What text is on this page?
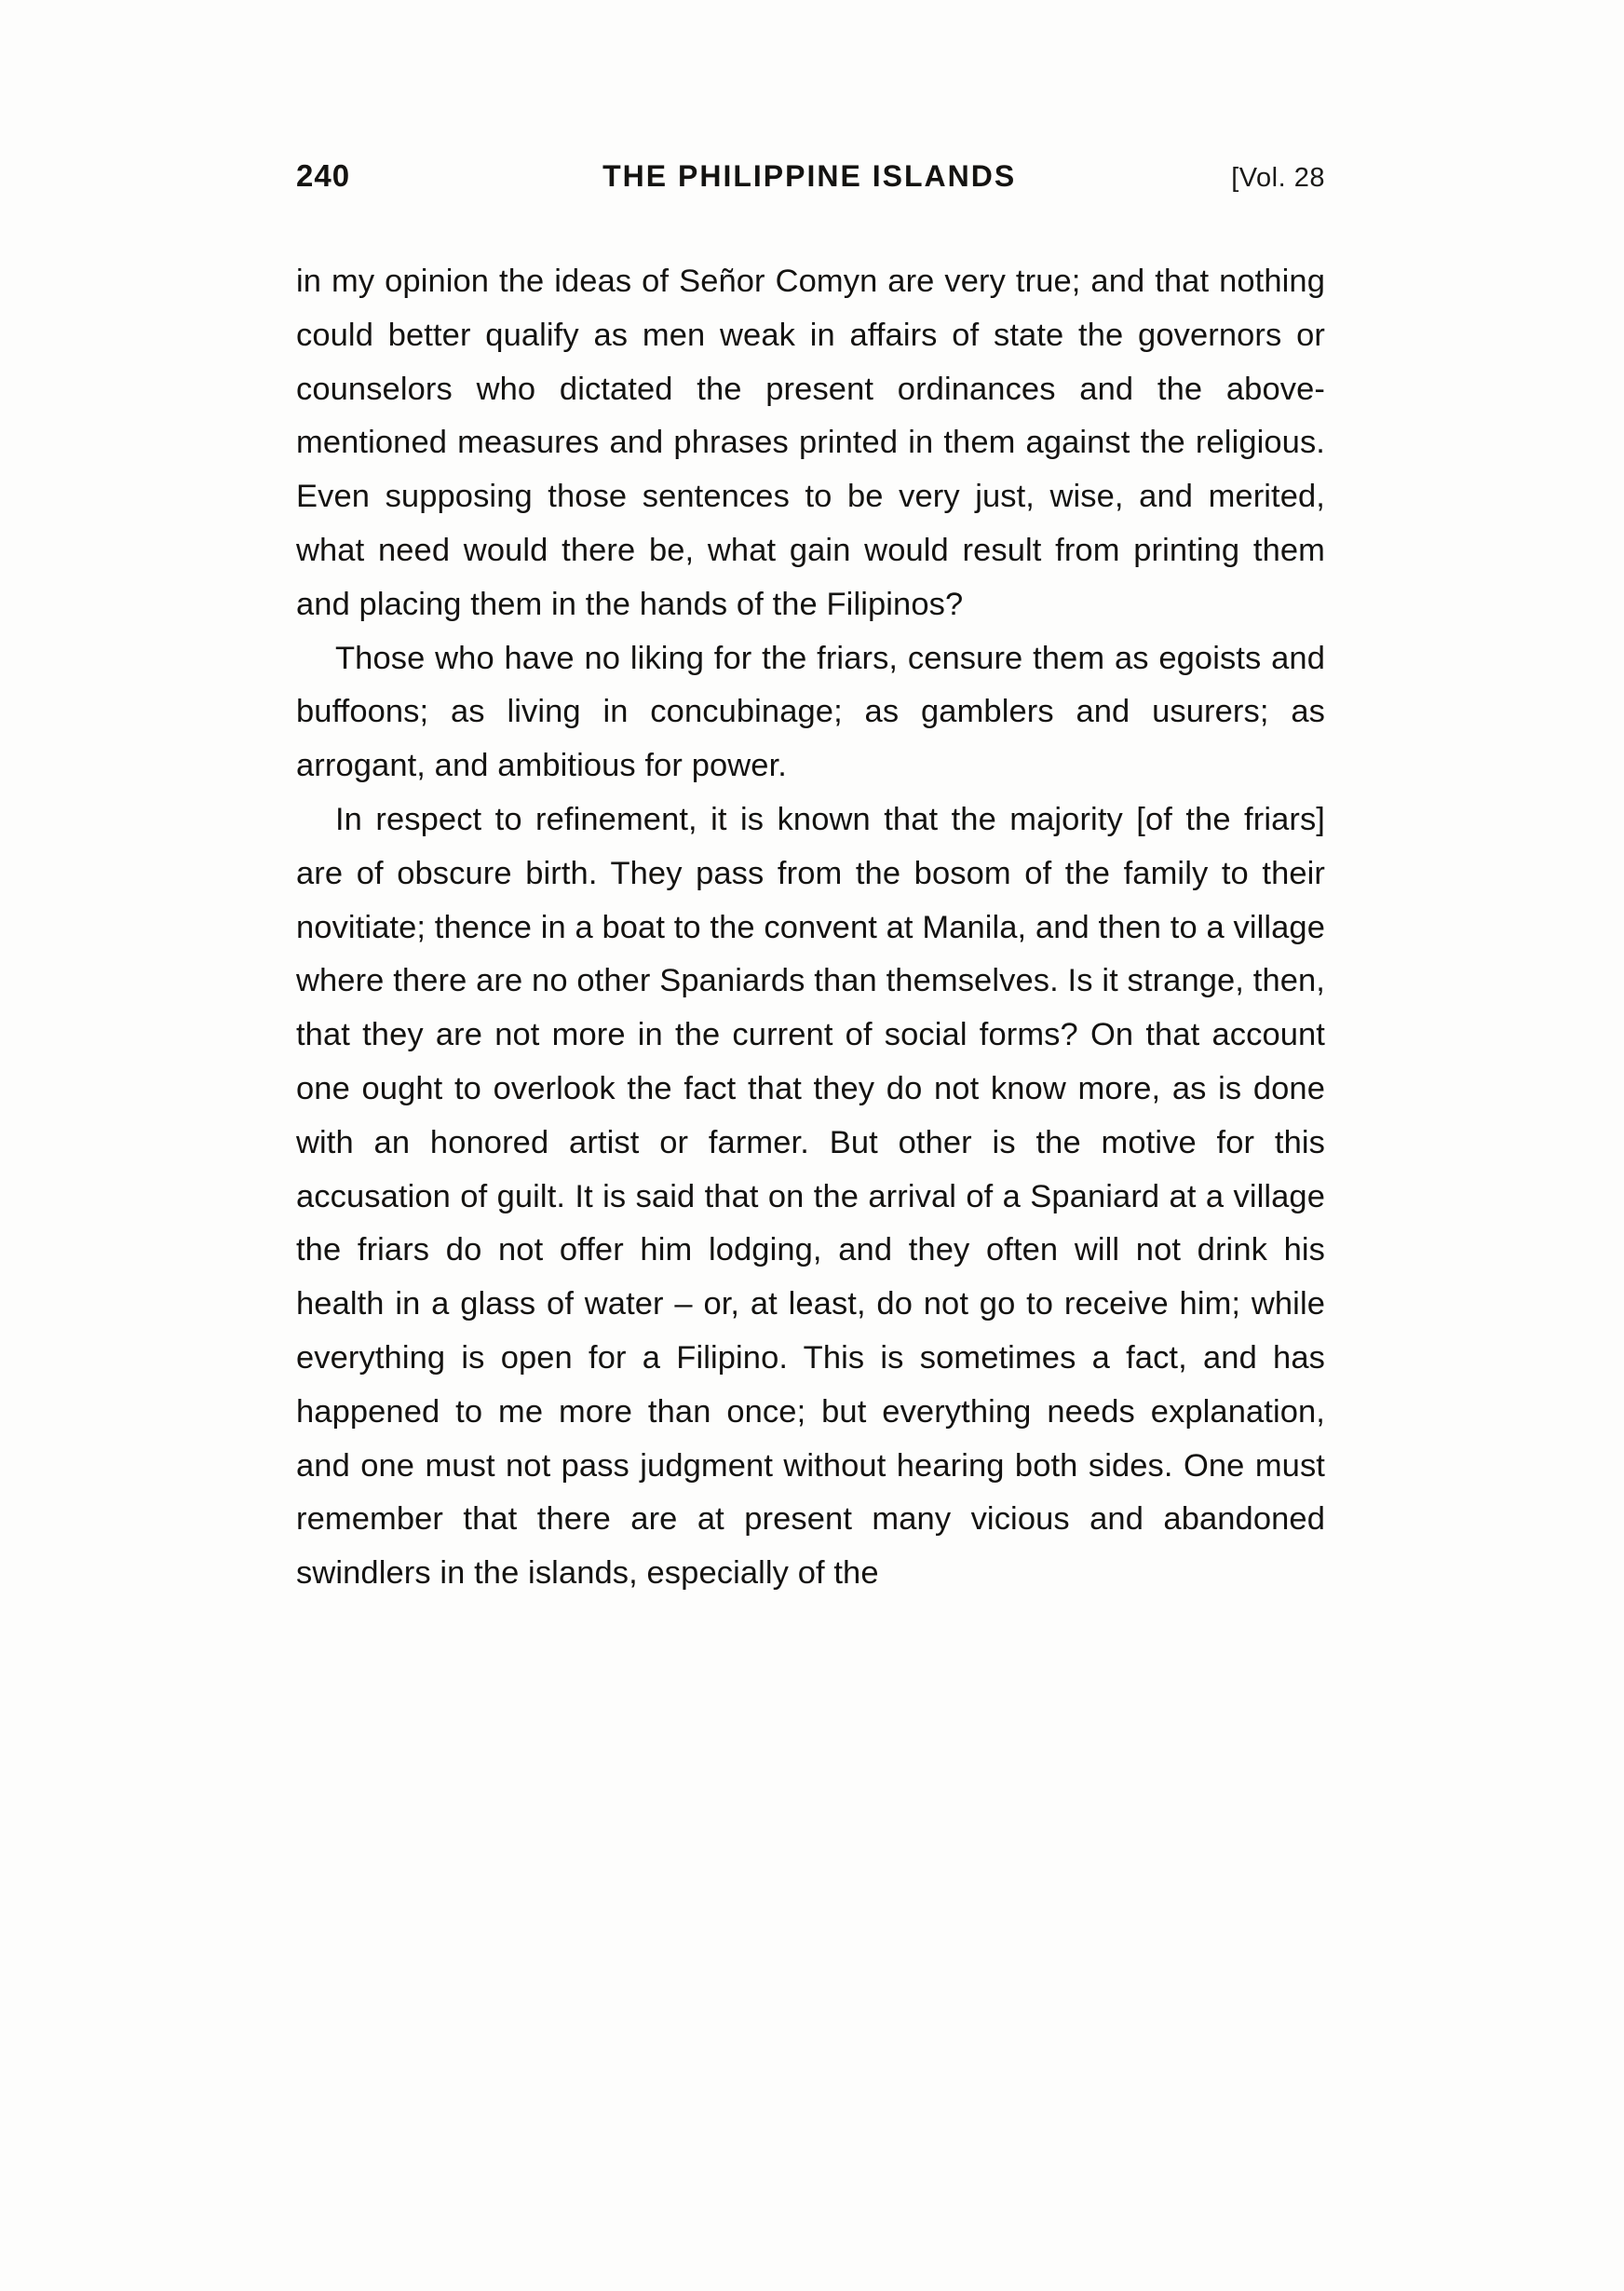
240	THE PHILIPPINE ISLANDS	[Vol. 28

in my opinion the ideas of Señor Comyn are very true; and that nothing could better qualify as men weak in affairs of state the governors or counselors who dictated the present ordinances and the above-mentioned measures and phrases printed in them against the religious. Even supposing those sentences to be very just, wise, and merited, what need would there be, what gain would result from printing them and placing them in the hands of the Filipinos?

Those who have no liking for the friars, censure them as egoists and buffoons; as living in concubinage; as gamblers and usurers; as arrogant, and ambitious for power.

In respect to refinement, it is known that the majority [of the friars] are of obscure birth. They pass from the bosom of the family to their novitiate; thence in a boat to the convent at Manila, and then to a village where there are no other Spaniards than themselves. Is it strange, then, that they are not more in the current of social forms? On that account one ought to overlook the fact that they do not know more, as is done with an honored artist or farmer. But other is the motive for this accusation of guilt. It is said that on the arrival of a Spaniard at a village the friars do not offer him lodging, and they often will not drink his health in a glass of water – or, at least, do not go to receive him; while everything is open for a Filipino. This is sometimes a fact, and has happened to me more than once; but everything needs explanation, and one must not pass judgment without hearing both sides. One must remember that there are at present many vicious and abandoned swindlers in the islands, especially of the
